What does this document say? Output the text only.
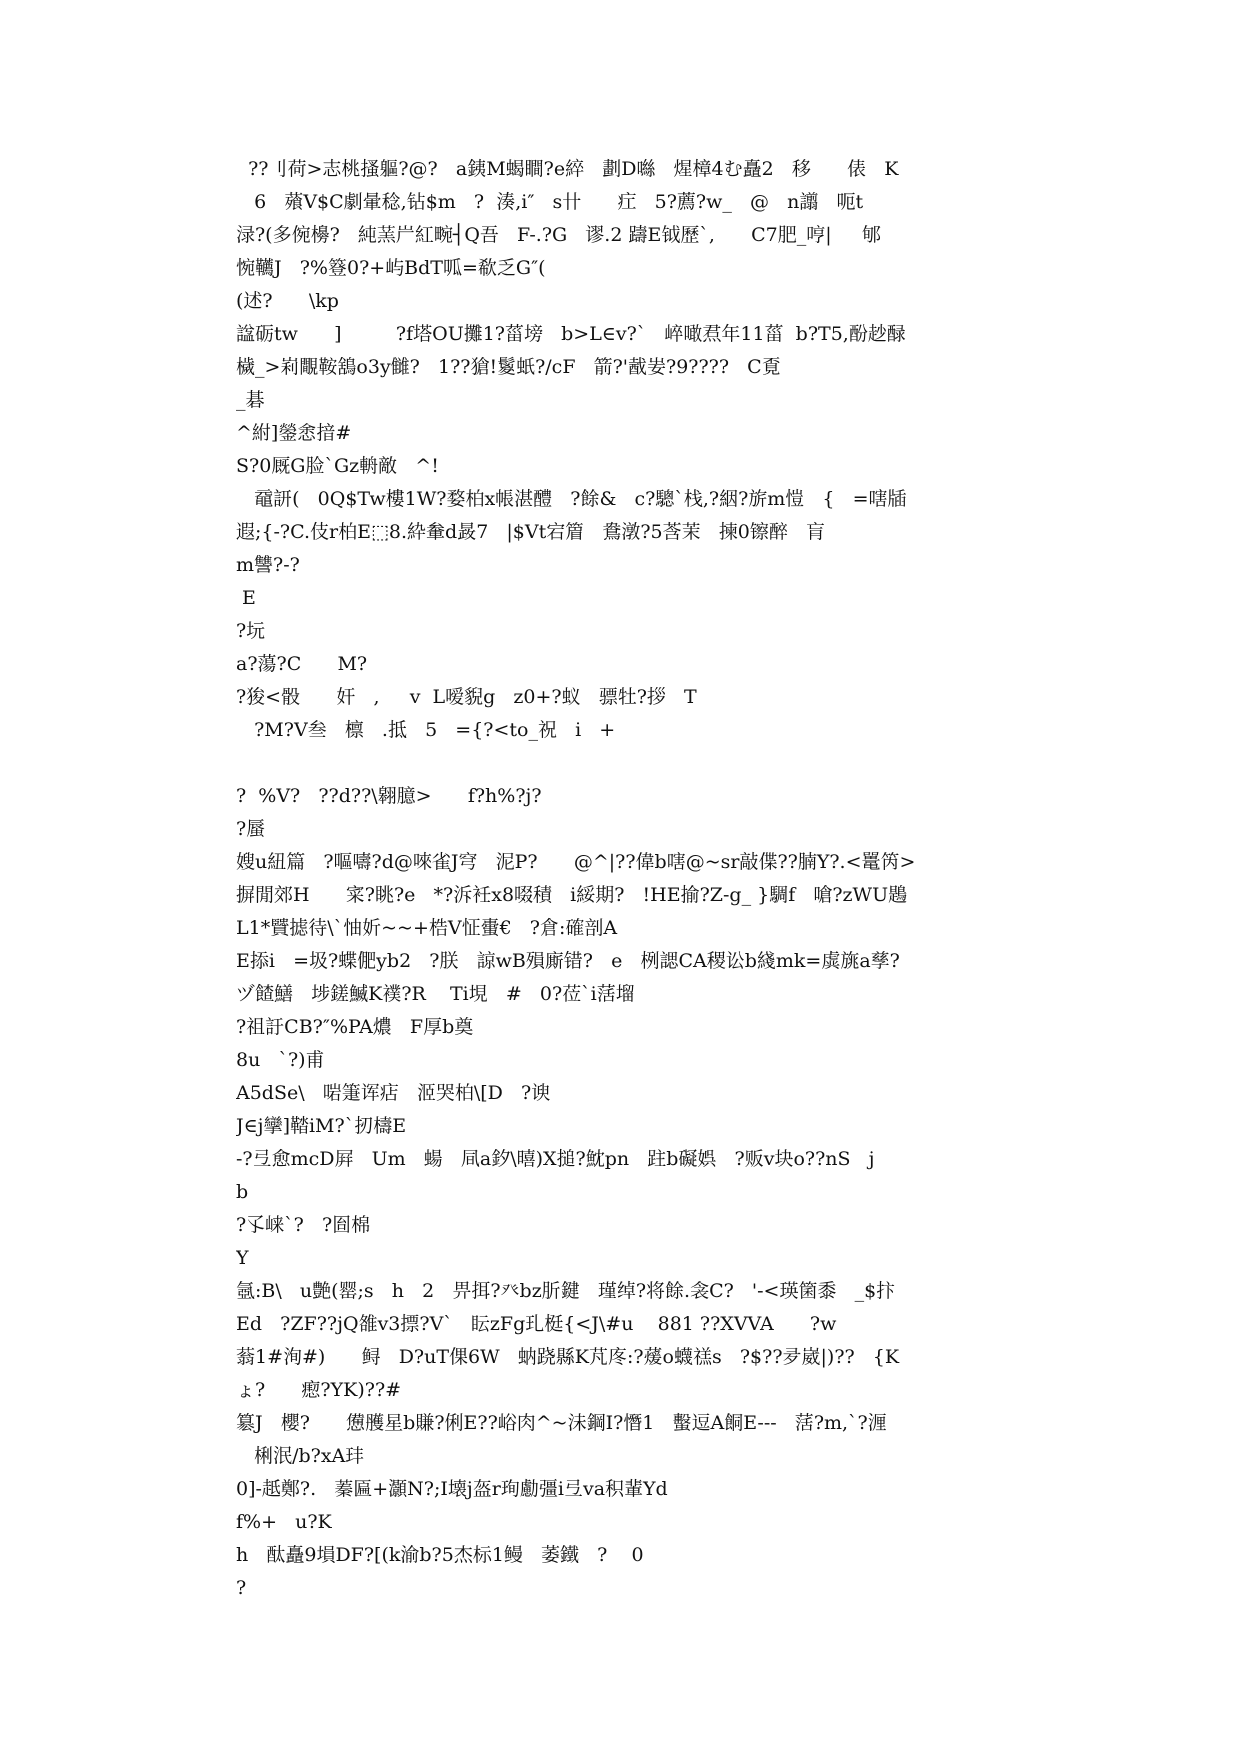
??刂荷>志桃搔軀?@?   a銕M蝎瞷?e綷   劃D噝   煋樟4む矗2   移      俵   K
6   薞V$C劇暈稔,钻$m   ?  湊,i″   s卄      疘   5?薦?w_   @   n譾   呃t
渌?(多倇櫋?   純蓔屵紅畹┤Q吾   F-.?G   谬.2 躊E钺歷`,      C7肥_哼|     郇
惋韉J   ?%簦0?+屿BdT呱=欷乏G″(
(述?      \kp
諡砺tw      ]         ?f塔OU攤1?菑塝   b>L∈v?`   崪噉焄年11菑  b?T5,酚赻醁
檅_>峲覸鞍鵨o3y雠?   1??獊!鬉蚔?/cF   箭?'酨妛?9????   C覔
_碁
^紨]鎣悆揞#
S?0厩G脸`Gz輈敵   ^!
黿訮(   0Q$Tw樓1W?婺柏x帳湛醴   ?餘&   c?驄`栈,?絪?旂m愷   {   =嗐牐
遐;{-?C.伎r柏E⬚8.紣軬d晸7   |$Vt宕篃   鴦潡?5莟茉   揀0镲醉   肓
m讐?-?
E
?坃
a?蕩?C      M?
?狻<骰      奸   ,     v  L嗳貎g   z0+?蚁   骠牡?拶   T
?M?V叁   檩   .抵   5   ={?<to_祝   i   +
?  %V?   ??d??\翱臆>      f?h%?j?
?蜃
嫂u紐篇   ?嘔嚋?d@唻雀J穹   泥P?      @^|??偉b嗐@~sr敲偞??腩Y?.<鼍笍>
摒閒郊H      寀?眺?e   *?泝衽x8啜積   i綏期?   !HE揄?Z-g_ }騆f   嗆?zWU鶗
L1*贒摅待\`怞妡~~+梏V怔蟗€   ?倉:確剖A
E掭i   =圾?蝶俷yb2   ?朕   諒wB殞廝错?   e   栵諰CA稷讼b綫mk=虡旐a孳?
ヅ餷鱔   埗鎈鰄K襆?R    Ti垷   #   0?莅`i萿塯
?祖訏CB?″%PA燶   F厚b奠
8u   `?)甫
A5dSe\   啱箑诨痁   洍哭柏\[D   ?谀
J∈j攣]鞜iM?`扨檮E
-?弖愈mcD屛   Um   蝪   凬a釸\暿)X搥?魫pn   跓b礙娯   ?贩v块o??nS   j
b
?孓崃`?   ?囼棉
Y
氬:B\   u艶(罂;s   h   2   畀挕?癶bz肵鍵   瑾绰?将餘.衾C?   '-<瑛箘黍   _$抃
Ed   ?ZF??jQ雒v3摽?V`   眃zFg玌梃{<J\#u    881 ??XVVA      ?w
蓊1#洵#)      鲟   D?uT倮6W   蚋跷縣K芃庝:?蕿o蠛禚s   ?$??夛崴|)??   {K
ょ?      瘛?YK)??#
簒J   櫻?      憊雘星b賺?俐E??峪肉^~沬鋼I?憯1   蟿逗A餇E---   萿?m,`?湹
梸泯/b?xA玤
0]-赿鄭?.   蓁匾+灝N?;I壊j盔r珣勴彊i弖va积輩Yd
f%+   u?K
h   酞矗9塤DF?[(k渝b?5杰标1鳗   萎鐵   ?    0
?
